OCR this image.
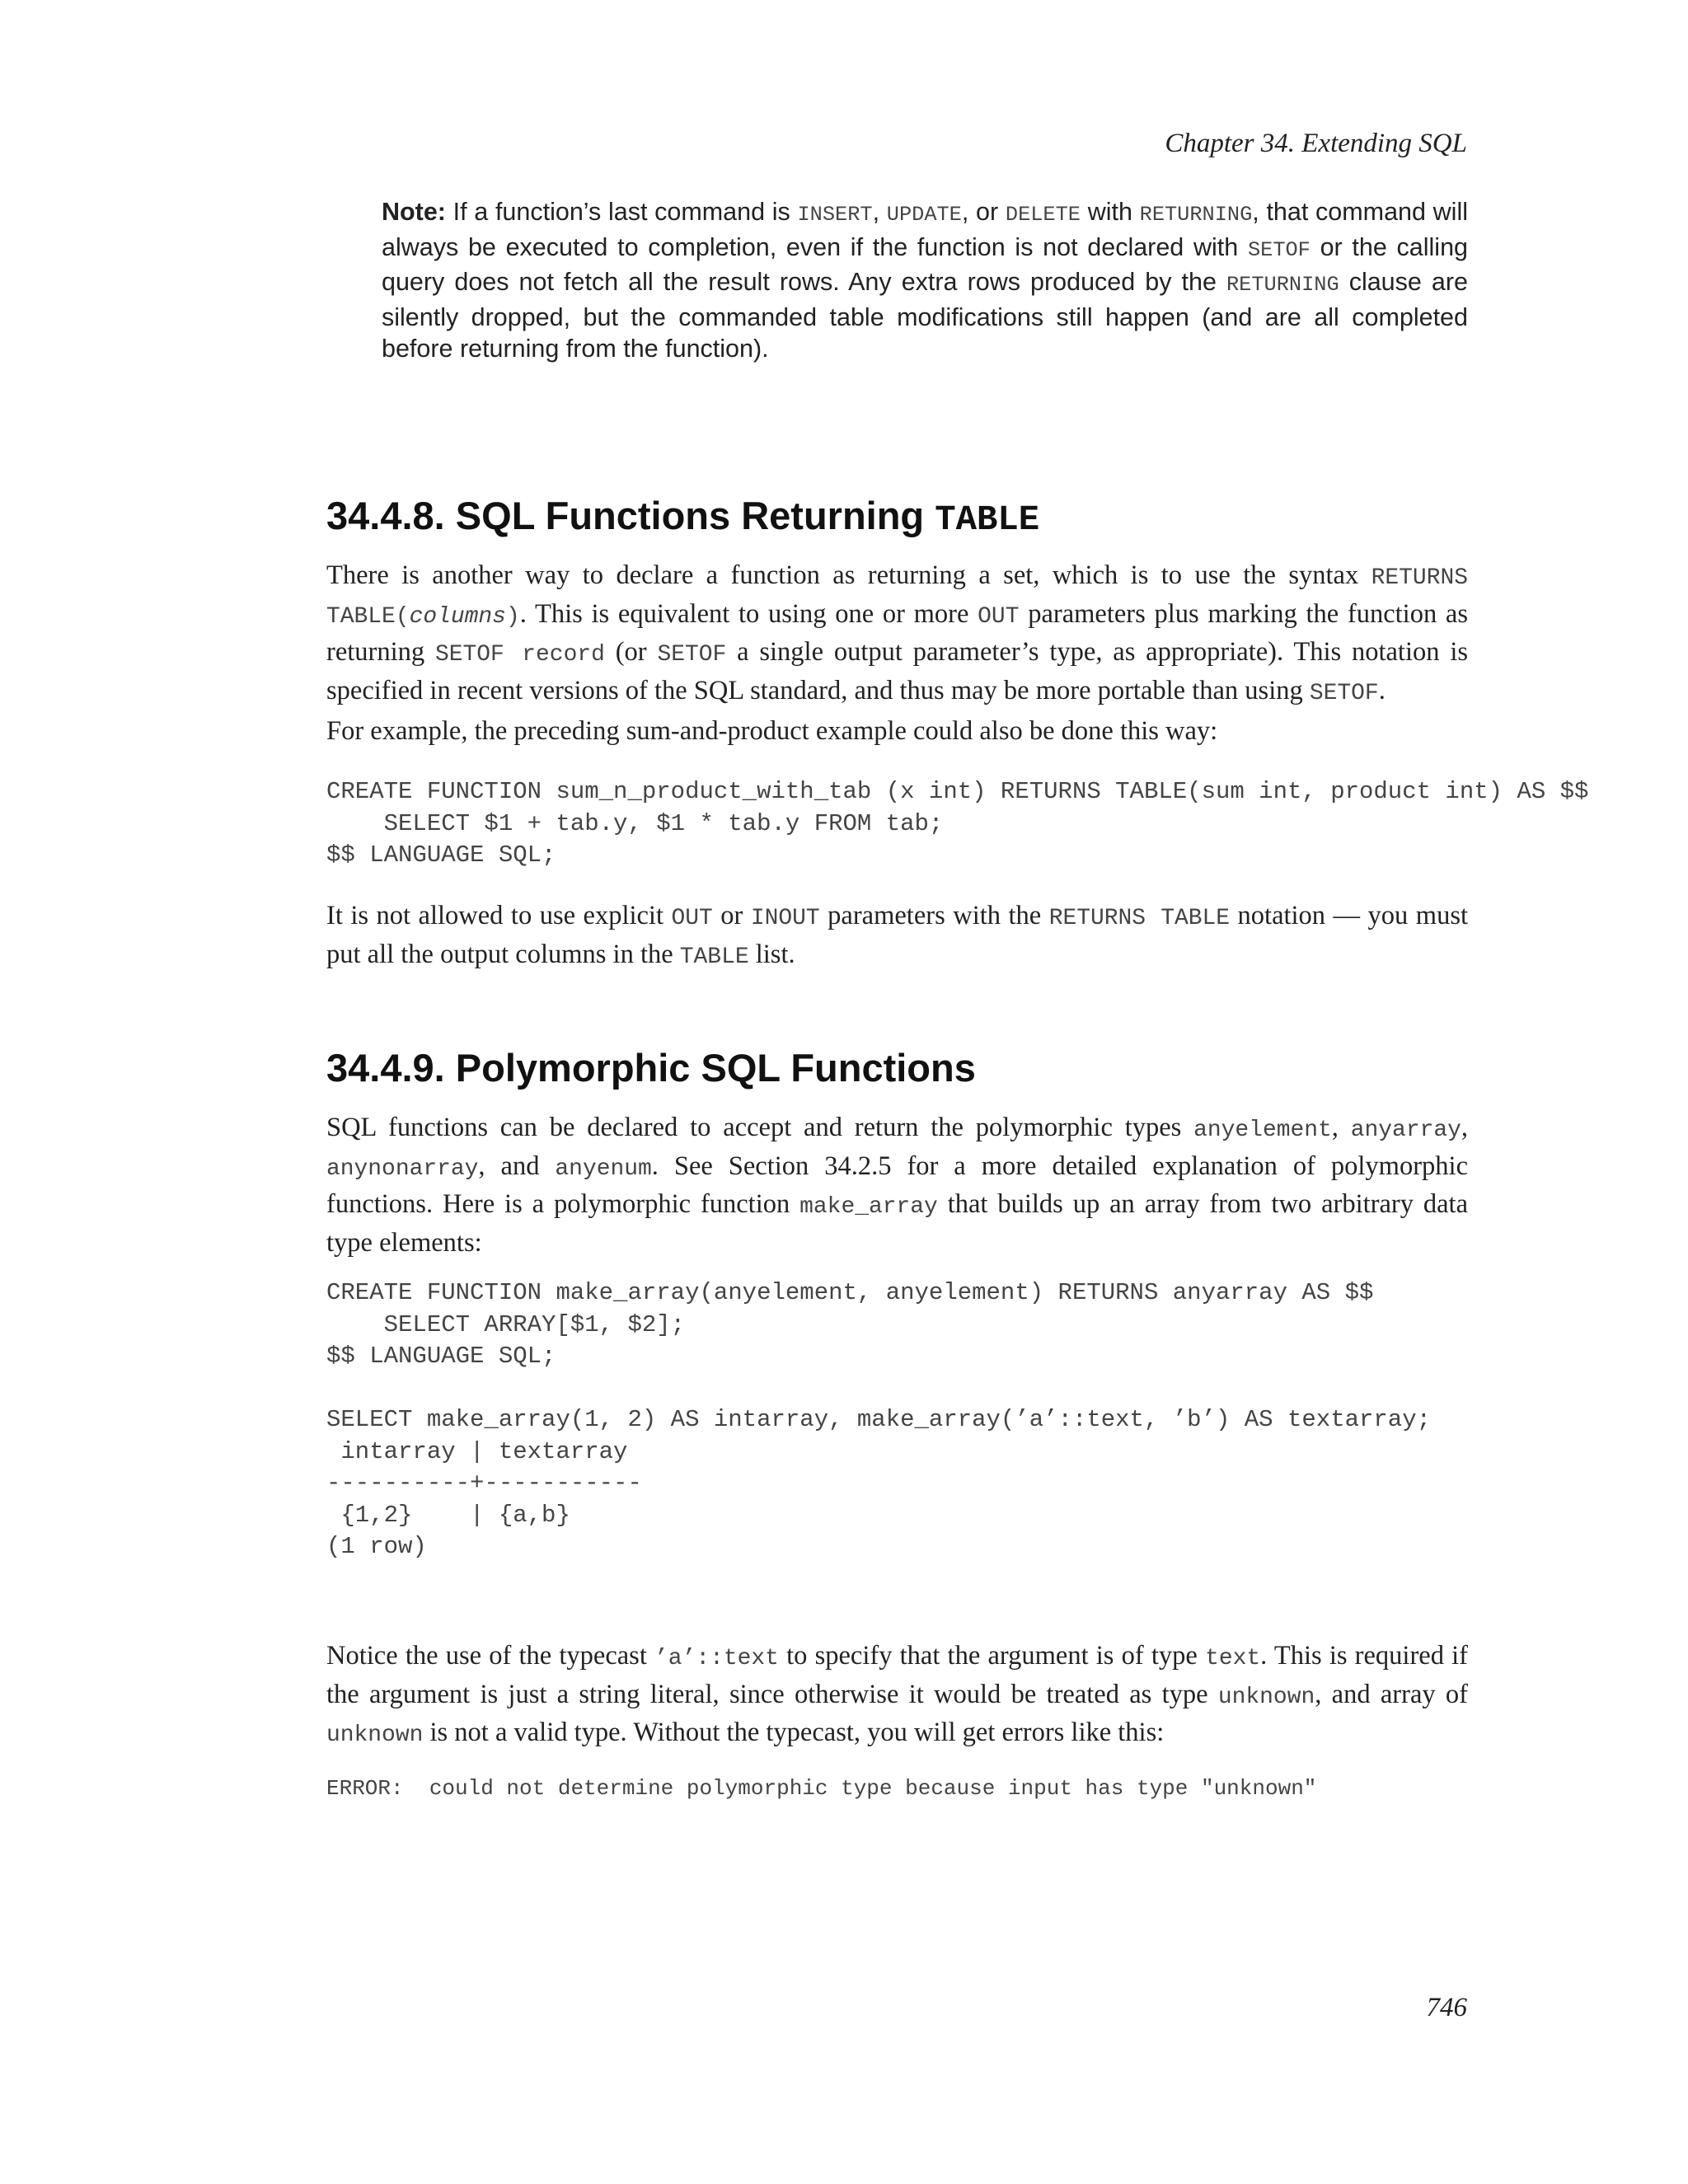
Chapter 34. Extending SQL
Note: If a function’s last command is INSERT, UPDATE, or DELETE with RETURNING, that command will always be executed to completion, even if the function is not declared with SETOF or the calling query does not fetch all the result rows. Any extra rows produced by the RETURNING clause are silently dropped, but the commanded table modifications still happen (and are all completed before returning from the function).
34.4.8. SQL Functions Returning TABLE

There is another way to declare a function as returning a set, which is to use the syntax RETURNS TABLE(columns). This is equivalent to using one or more OUT parameters plus marking the function as returning SETOF record (or SETOF a single output parameter’s type, as appropriate). This notation is specified in recent versions of the SQL standard, and thus may be more portable than using SETOF.

For example, the preceding sum-and-product example could also be done this way:

CREATE FUNCTION sum_n_product_with_tab (x int) RETURNS TABLE(sum int, product int) AS $$
SELECT $1 + tab.y, $1 * tab.y FROM tab;
$$ LANGUAGE SQL;

It is not allowed to use explicit OUT or INOUT parameters with the RETURNS TABLE notation — you must put all the output columns in the TABLE list.

34.4.9. Polymorphic SQL Functions

SQL functions can be declared to accept and return the polymorphic types anyelement, anyarray, anynonarray, and anyenum. See Section 34.2.5 for a more detailed explanation of polymorphic functions. Here is a polymorphic function make_array that builds up an array from two arbitrary data type elements:

CREATE FUNCTION make_array(anyelement, anyelement) RETURNS anyarray AS $$
SELECT ARRAY[$1, $2];
$$ LANGUAGE SQL;

SELECT make_array(1, 2) AS intarray, make_array(’a’::text, ’b’) AS textarray;
intarray | textarray
----------+-----------
{1,2}    | {a,b}
(1 row)

Notice the use of the typecast ’a’::text to specify that the argument is of type text. This is required if the argument is just a string literal, since otherwise it would be treated as type unknown, and array of unknown is not a valid type. Without the typecast, you will get errors like this:

ERROR:  could not determine polymorphic type because input has type "unknown"
746
